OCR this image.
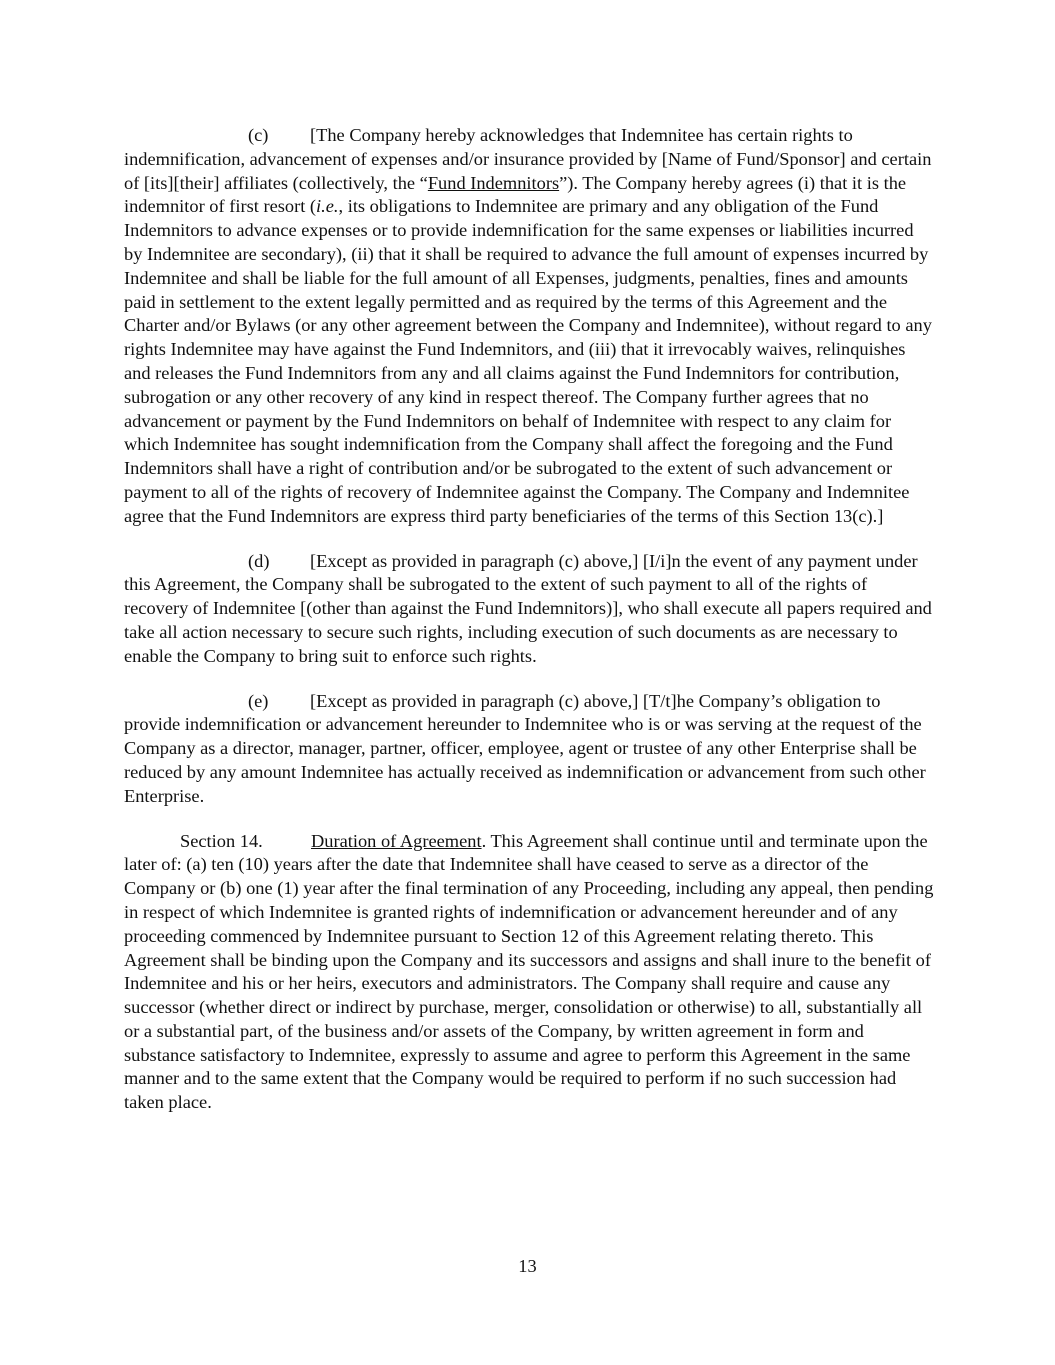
(c) [The Company hereby acknowledges that Indemnitee has certain rights to indemnification, advancement of expenses and/or insurance provided by [Name of Fund/Sponsor] and certain of [its][their] affiliates (collectively, the “Fund Indemnitors”). The Company hereby agrees (i) that it is the indemnitor of first resort (i.e., its obligations to Indemnitee are primary and any obligation of the Fund Indemnitors to advance expenses or to provide indemnification for the same expenses or liabilities incurred by Indemnitee are secondary), (ii) that it shall be required to advance the full amount of expenses incurred by Indemnitee and shall be liable for the full amount of all Expenses, judgments, penalties, fines and amounts paid in settlement to the extent legally permitted and as required by the terms of this Agreement and the Charter and/or Bylaws (or any other agreement between the Company and Indemnitee), without regard to any rights Indemnitee may have against the Fund Indemnitors, and (iii) that it irrevocably waives, relinquishes and releases the Fund Indemnitors from any and all claims against the Fund Indemnitors for contribution, subrogation or any other recovery of any kind in respect thereof. The Company further agrees that no advancement or payment by the Fund Indemnitors on behalf of Indemnitee with respect to any claim for which Indemnitee has sought indemnification from the Company shall affect the foregoing and the Fund Indemnitors shall have a right of contribution and/or be subrogated to the extent of such advancement or payment to all of the rights of recovery of Indemnitee against the Company. The Company and Indemnitee agree that the Fund Indemnitors are express third party beneficiaries of the terms of this Section 13(c).]

(d) [Except as provided in paragraph (c) above,] [I/i]n the event of any payment under this Agreement, the Company shall be subrogated to the extent of such payment to all of the rights of recovery of Indemnitee [(other than against the Fund Indemnitors)], who shall execute all papers required and take all action necessary to secure such rights, including execution of such documents as are necessary to enable the Company to bring suit to enforce such rights.

(e) [Except as provided in paragraph (c) above,] [T/t]he Company’s obligation to provide indemnification or advancement hereunder to Indemnitee who is or was serving at the request of the Company as a director, manager, partner, officer, employee, agent or trustee of any other Enterprise shall be reduced by any amount Indemnitee has actually received as indemnification or advancement from such other Enterprise.

Section 14.	Duration of Agreement. This Agreement shall continue until and terminate upon the later of: (a) ten (10) years after the date that Indemnitee shall have ceased to serve as a director of the Company or (b) one (1) year after the final termination of any Proceeding, including any appeal, then pending in respect of which Indemnitee is granted rights of indemnification or advancement hereunder and of any proceeding commenced by Indemnitee pursuant to Section 12 of this Agreement relating thereto. This Agreement shall be binding upon the Company and its successors and assigns and shall inure to the benefit of Indemnitee and his or her heirs, executors and administrators. The Company shall require and cause any successor (whether direct or indirect by purchase, merger, consolidation or otherwise) to all, substantially all or a substantial part, of the business and/or assets of the Company, by written agreement in form and substance satisfactory to Indemnitee, expressly to assume and agree to perform this Agreement in the same manner and to the same extent that the Company would be required to perform if no such succession had taken place.

13
